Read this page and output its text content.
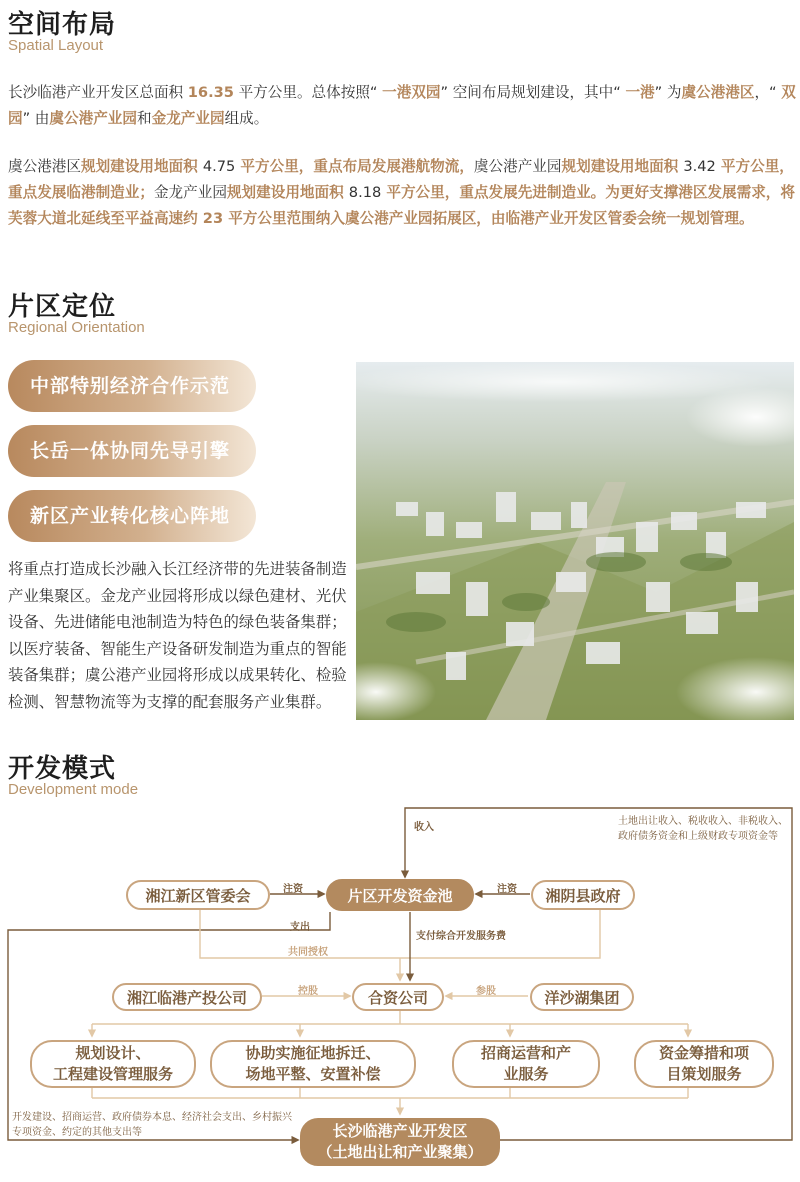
空间布局
Spatial Layout

长沙临港产业开发区总面积 16.35 平方公里。总体按照“ 一港双园” 空间布局规划建设，其中“ 一港” 为虞公港港区，“ 双园” 由虞公港产业园和金龙产业园组成。

虞公港港区规划建设用地面积 4.75 平方公里，重点布局发展港航物流，虞公港产业园规划建设用地面积 3.42 平方公里，重点发展临港制造业；金龙产业园规划建设用地面积 8.18 平方公里，重点发展先进制造业。为更好支撑港区发展需求，将芙蓉大道北延线至平益高速约 23 平方公里范围纳入虞公港产业园拓展区，由临港产业开发区管委会统一规划管理。

片区定位
Regional Orientation
中部特别经济合作示范
长岳一体协同先导引擎
新区产业转化核心阵地

将重点打造成长沙融入长江经济带的先进装备制造产业集聚区。金龙产业园将形成以绿色建材、光伏设备、先进储能电池制造为特色的绿色装备集群；以医疗装备、智能生产设备研发制造为重点的智能装备集群；虞公港产业园将形成以成果转化、检验检测、智慧物流等为支撑的配套服务产业集群。

开发模式
Development mode
收入
土地出让收入、税收收入、非税收入、政府债务资金和上级财政专项资金等
湘江新区管委会	注资	片区开发资金池	注资	湘阴县政府
支出
支付综合开发服务费
共同授权
湘江临港产投公司	控股	合资公司	参股	洋沙湖集团
规划设计、
工程建设管理服务
协助实施征地拆迁、
场地平整、安置补偿
招商运营和产
业服务
资金筹措和项
目策划服务
开发建设、招商运营、政府债券本息、经济社会支出、乡村振兴专项资金、约定的其他支出等	长沙临港产业开发区
（土地出让和产业聚集）
